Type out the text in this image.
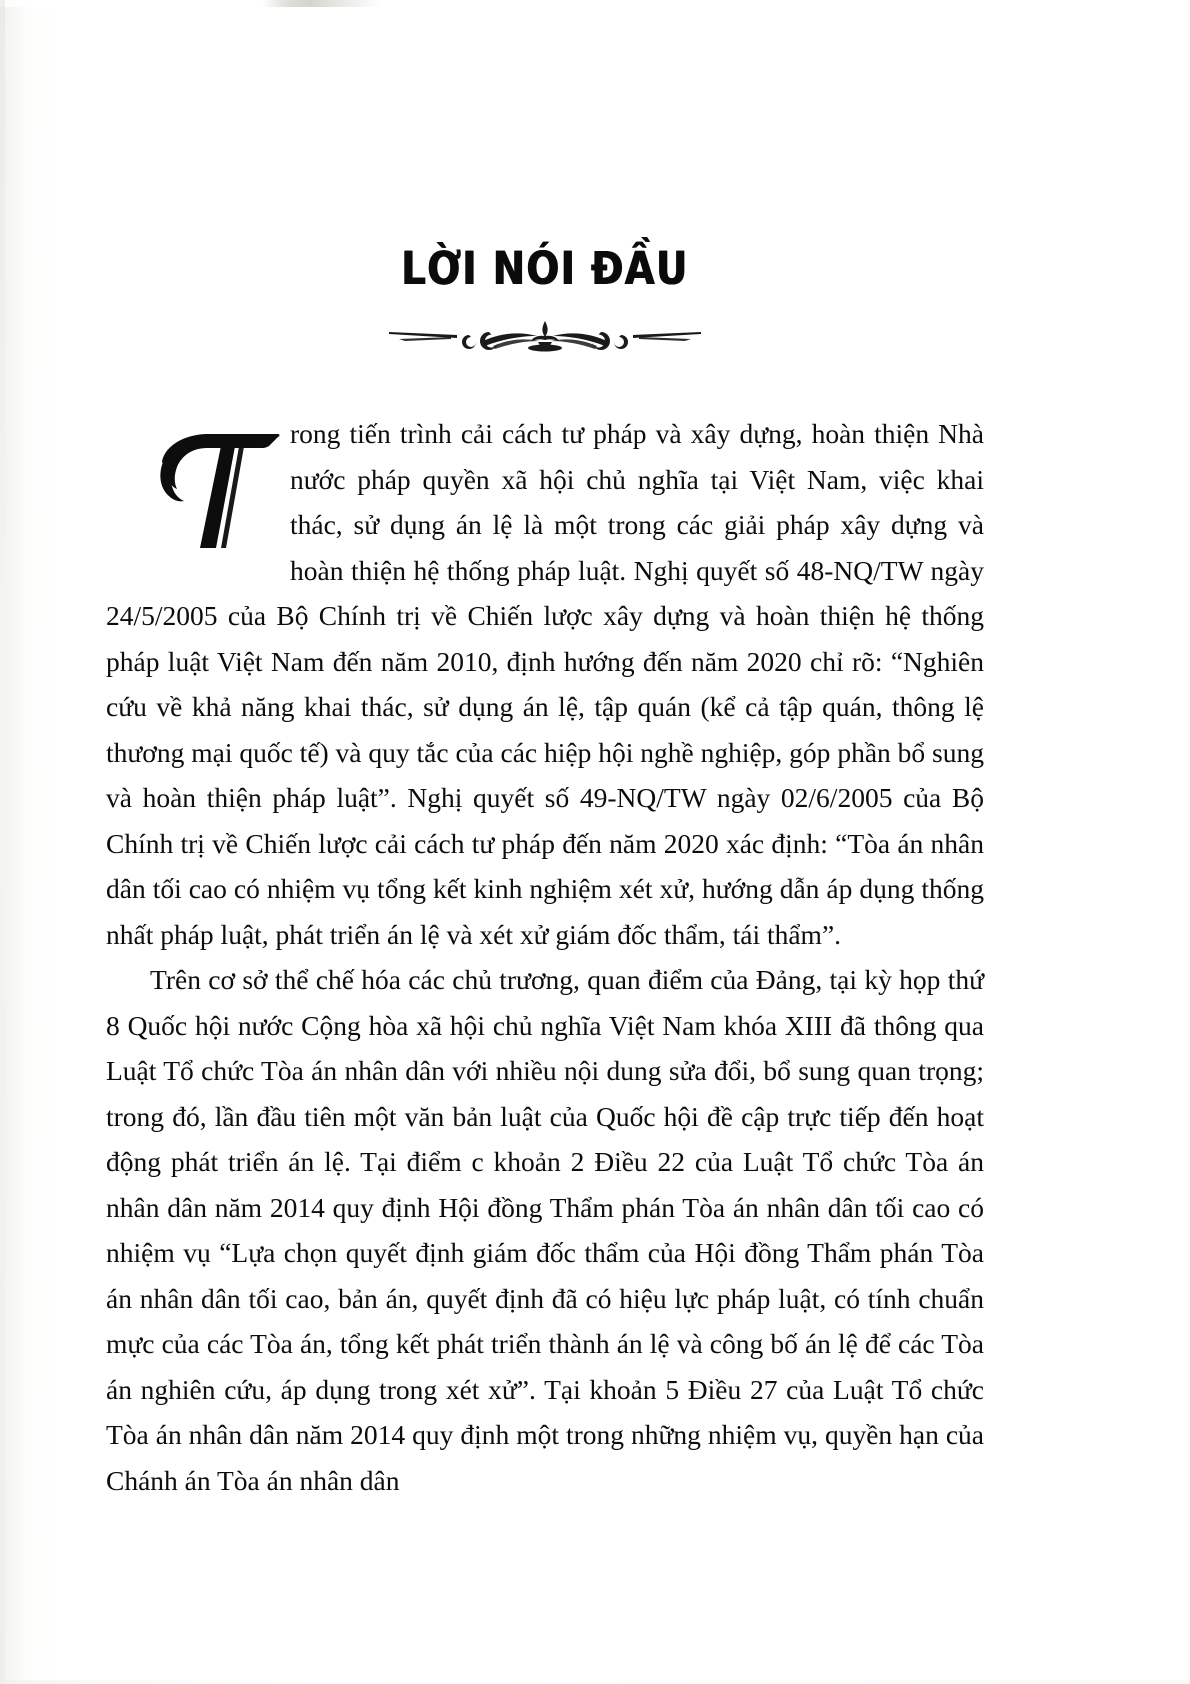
LỜI NÓI ĐẦU

rong tiến trình cải cách tư pháp và xây dựng, hoàn thiện Nhà nước pháp quyền xã hội chủ nghĩa tại Việt Nam, việc khai thác, sử dụng án lệ là một trong các giải pháp xây dựng và hoàn thiện hệ thống pháp luật. Nghị quyết số 48-NQ/TW ngày 24/5/2005 của Bộ Chính trị về Chiến lược xây dựng và hoàn thiện hệ thống pháp luật Việt Nam đến năm 2010, định hướng đến năm 2020 chỉ rõ: “Nghiên cứu về khả năng khai thác, sử dụng án lệ, tập quán (kể cả tập quán, thông lệ thương mại quốc tế) và quy tắc của các hiệp hội nghề nghiệp, góp phần bổ sung và hoàn thiện pháp luật”. Nghị quyết số 49-NQ/TW ngày 02/6/2005 của Bộ Chính trị về Chiến lược cải cách tư pháp đến năm 2020 xác định: “Tòa án nhân dân tối cao có nhiệm vụ tổng kết kinh nghiệm xét xử, hướng dẫn áp dụng thống nhất pháp luật, phát triển án lệ và xét xử giám đốc thẩm, tái thẩm”.

Trên cơ sở thể chế hóa các chủ trương, quan điểm của Đảng, tại kỳ họp thứ 8 Quốc hội nước Cộng hòa xã hội chủ nghĩa Việt Nam khóa XIII đã thông qua Luật Tổ chức Tòa án nhân dân với nhiều nội dung sửa đổi, bổ sung quan trọng; trong đó, lần đầu tiên một văn bản luật của Quốc hội đề cập trực tiếp đến hoạt động phát triển án lệ. Tại điểm c khoản 2 Điều 22 của Luật Tổ chức Tòa án nhân dân năm 2014 quy định Hội đồng Thẩm phán Tòa án nhân dân tối cao có nhiệm vụ “Lựa chọn quyết định giám đốc thẩm của Hội đồng Thẩm phán Tòa án nhân dân tối cao, bản án, quyết định đã có hiệu lực pháp luật, có tính chuẩn mực của các Tòa án, tổng kết phát triển thành án lệ và công bố án lệ để các Tòa án nghiên cứu, áp dụng trong xét xử”. Tại khoản 5 Điều 27 của Luật Tổ chức Tòa án nhân dân năm 2014 quy định một trong những nhiệm vụ, quyền hạn của Chánh án Tòa án nhân dân
